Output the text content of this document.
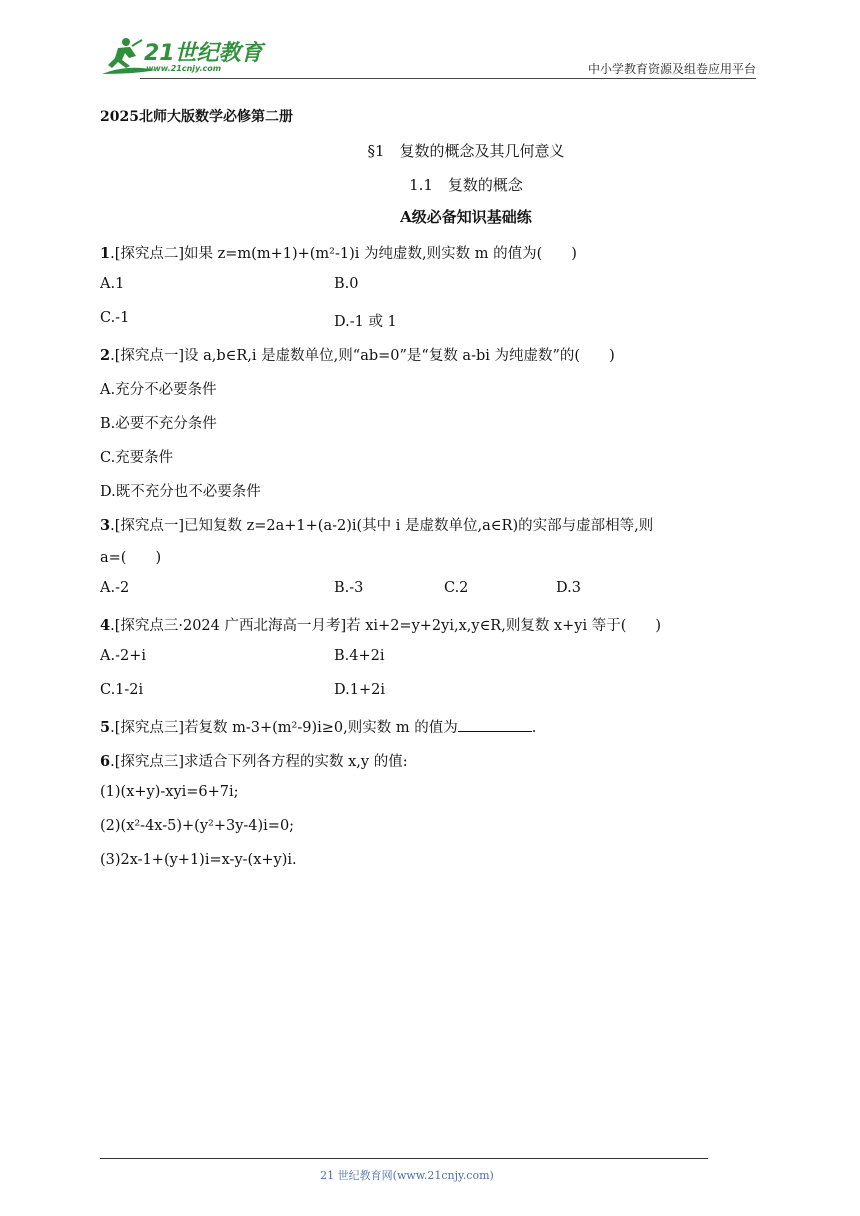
21世纪教育
www.21cnjy.com	中小学教育资源及组卷应用平台
2025北师大版数学必修第二册
§1　复数的概念及其几何意义
1.1　复数的概念
A级必备知识基础练
1.[探究点二]如果 z=m(m+1)+(m²-1)i 为纯虚数,则实数 m 的值为(　　)
A.1	B.0
C.-1	D.-1 或 1
2.[探究点一]设 a,b∈R,i 是虚数单位,则“ab=0”是“复数 a-bi 为纯虚数”的(　　)
A.充分不必要条件
B.必要不充分条件
C.充要条件
D.既不充分也不必要条件
3.[探究点一]已知复数 z=2a+1+(a-2)i(其中 i 是虚数单位,a∈R)的实部与虚部相等,则
a=(　　)
A.-2	B.-3	C.2	D.3
4.[探究点三·2024 广西北海高一月考]若 xi+2=y+2yi,x,y∈R,则复数 x+yi 等于(　　)
A.-2+i	B.4+2i
C.1-2i	D.1+2i
5.[探究点三]若复数 m-3+(m²-9)i≥0,则实数 m 的值为	.
6.[探究点三]求适合下列各方程的实数 x,y 的值:
(1)(x+y)-xyi=6+7i;
(2)(x²-4x-5)+(y²+3y-4)i=0;
(3)2x-1+(y+1)i=x-y-(x+y)i.
21 世纪教育网(www.21cnjy.com)
